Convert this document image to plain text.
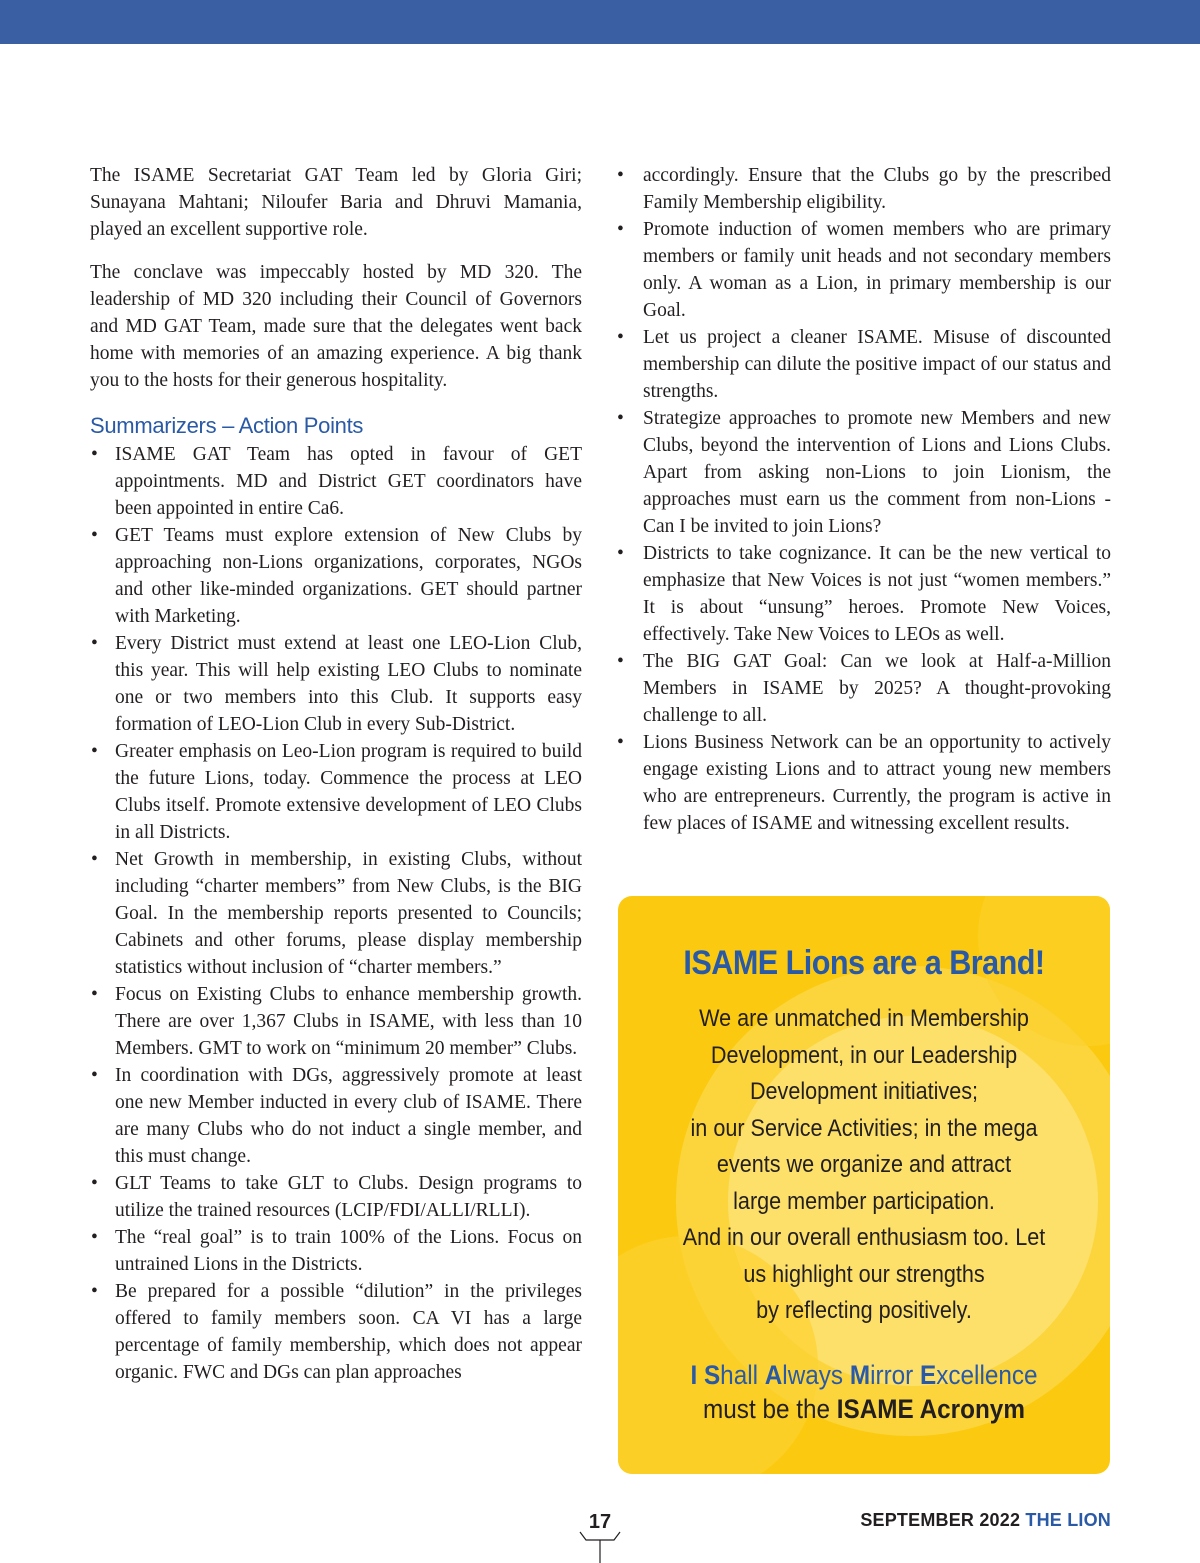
The ISAME Secretariat GAT Team led by Gloria Giri; Sunayana Mahtani; Niloufer Baria and Dhruvi Mamania, played an excellent supportive role.

The conclave was impeccably hosted by MD 320. The leadership of MD 320 including their Council of Governors and MD GAT Team, made sure that the delegates went back home with memories of an amazing experience. A big thank you to the hosts for their generous hospitality.

Summarizers – Action Points
• ISAME GAT Team has opted in favour of GET appointments. MD and District GET coordinators have been appointed in entire Ca6.
• GET Teams must explore extension of New Clubs by approaching non-Lions organizations, corporates, NGOs and other like-minded organizations. GET should partner with Marketing.
• Every District must extend at least one LEO-Lion Club, this year. This will help existing LEO Clubs to nominate one or two members into this Club. It supports easy formation of LEO-Lion Club in every Sub-District.
• Greater emphasis on Leo-Lion program is required to build the future Lions, today. Commence the process at LEO Clubs itself. Promote extensive development of LEO Clubs in all Districts.
• Net Growth in membership, in existing Clubs, without including “charter members” from New Clubs, is the BIG Goal. In the membership reports presented to Councils; Cabinets and other forums, please display membership statistics without inclusion of “charter members.”
• Focus on Existing Clubs to enhance membership growth. There are over 1,367 Clubs in ISAME, with less than 10 Members. GMT to work on “minimum 20 member” Clubs.
• In coordination with DGs, aggressively promote at least one new Member inducted in every club of ISAME. There are many Clubs who do not induct a single member, and this must change.
• GLT Teams to take GLT to Clubs. Design programs to utilize the trained resources (LCIP/FDI/ALLI/RLLI).
• The “real goal” is to train 100% of the Lions. Focus on untrained Lions in the Districts.
• Be prepared for a possible “dilution” in the privileges offered to family members soon. CA VI has a large percentage of family membership, which does not appear organic. FWC and DGs can plan approaches
• accordingly. Ensure that the Clubs go by the prescribed Family Membership eligibility.
• Promote induction of women members who are primary members or family unit heads and not secondary members only. A woman as a Lion, in primary membership is our Goal.
• Let us project a cleaner ISAME. Misuse of discounted membership can dilute the positive impact of our status and strengths.
• Strategize approaches to promote new Members and new Clubs, beyond the intervention of Lions and Lions Clubs. Apart from asking non-Lions to join Lionism, the approaches must earn us the comment from non-Lions - Can I be invited to join Lions?
• Districts to take cognizance. It can be the new vertical to emphasize that New Voices is not just “women members.” It is about “unsung” heroes. Promote New Voices, effectively. Take New Voices to LEOs as well.
• The BIG GAT Goal: Can we look at Half-a-Million Members in ISAME by 2025? A thought-provoking challenge to all.
• Lions Business Network can be an opportunity to actively engage existing Lions and to attract young new members who are entrepreneurs. Currently, the program is active in few places of ISAME and witnessing excellent results.
ISAME Lions are a Brand!
We are unmatched in Membership
Development, in our Leadership
Development initiatives;
in our Service Activities; in the mega
events we organize and attract
large member participation.
And in our overall enthusiasm too. Let
us highlight our strengths
by reflecting positively.
I Shall Always Mirror Excellence
must be the ISAME Acronym
17	SEPTEMBER 2022 THE LION
